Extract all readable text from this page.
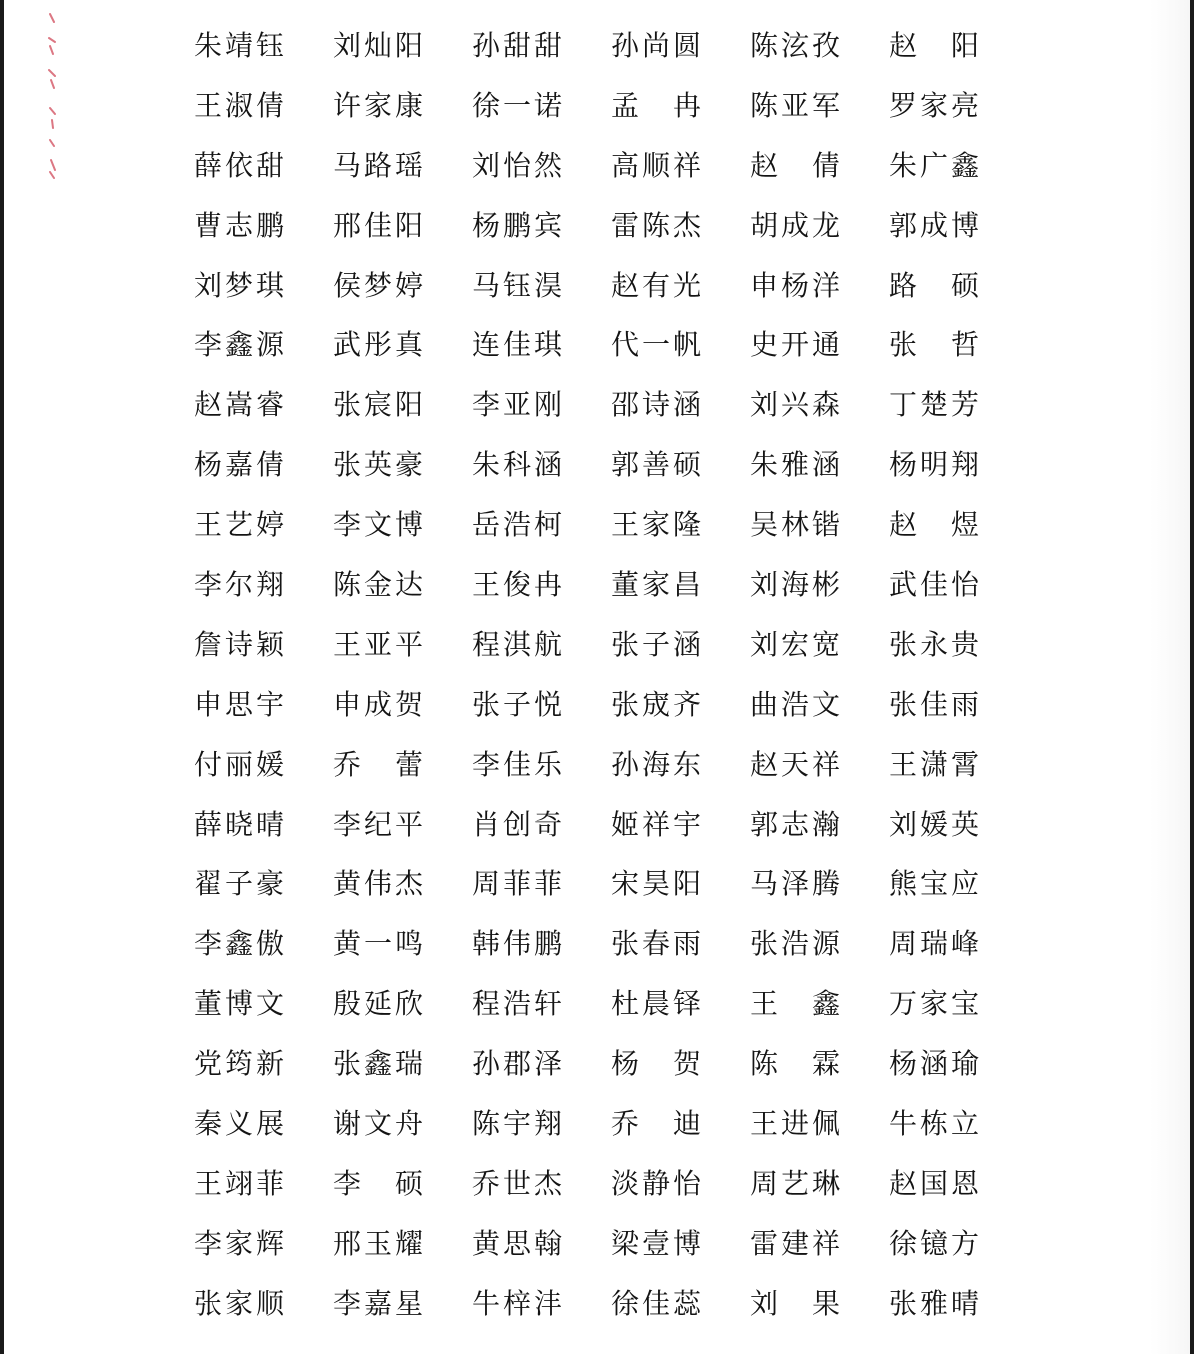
朱靖钰	刘灿阳	孙甜甜	孙尚圆	陈泫孜	赵　阳
王淑倩	许家康	徐一诺	孟　冉	陈亚军	罗家亮
薛依甜	马路瑶	刘怡然	高顺祥	赵　倩	朱广鑫
曹志鹏	邢佳阳	杨鹏宾	雷陈杰	胡成龙	郭成博
刘梦琪	侯梦婷	马钰淏	赵有光	申杨洋	路　硕
李鑫源	武彤真	连佳琪	代一帆	史开通	张　哲
赵嵩睿	张宸阳	李亚刚	邵诗涵	刘兴森	丁楚芳
杨嘉倩	张英豪	朱科涵	郭善硕	朱雅涵	杨明翔
王艺婷	李文博	岳浩柯	王家隆	吴林锴	赵　煜
李尔翔	陈金达	王俊冉	董家昌	刘海彬	武佳怡
詹诗颖	王亚平	程淇航	张子涵	刘宏宽	张永贵
申思宇	申成贺	张子悦	张宬齐	曲浩文	张佳雨
付丽媛	乔　蕾	李佳乐	孙海东	赵天祥	王潇霄
薛晓晴	李纪平	肖创奇	姬祥宇	郭志瀚	刘媛英
翟子豪	黄伟杰	周菲菲	宋昊阳	马泽腾	熊宝应
李鑫傲	黄一鸣	韩伟鹏	张春雨	张浩源	周瑞峰
董博文	殷延欣	程浩轩	杜晨铎	王　鑫	万家宝
党筠新	张鑫瑞	孙郡泽	杨　贺	陈　霖	杨涵瑜
秦义展	谢文舟	陈宇翔	乔　迪	王进佩	牛栋立
王翊菲	李　硕	乔世杰	淡静怡	周艺琳	赵国恩
李家辉	邢玉耀	黄思翰	梁壹博	雷建祥	徐镱方
张家顺	李嘉星	牛梓沣	徐佳蕊	刘　果	张雅晴
